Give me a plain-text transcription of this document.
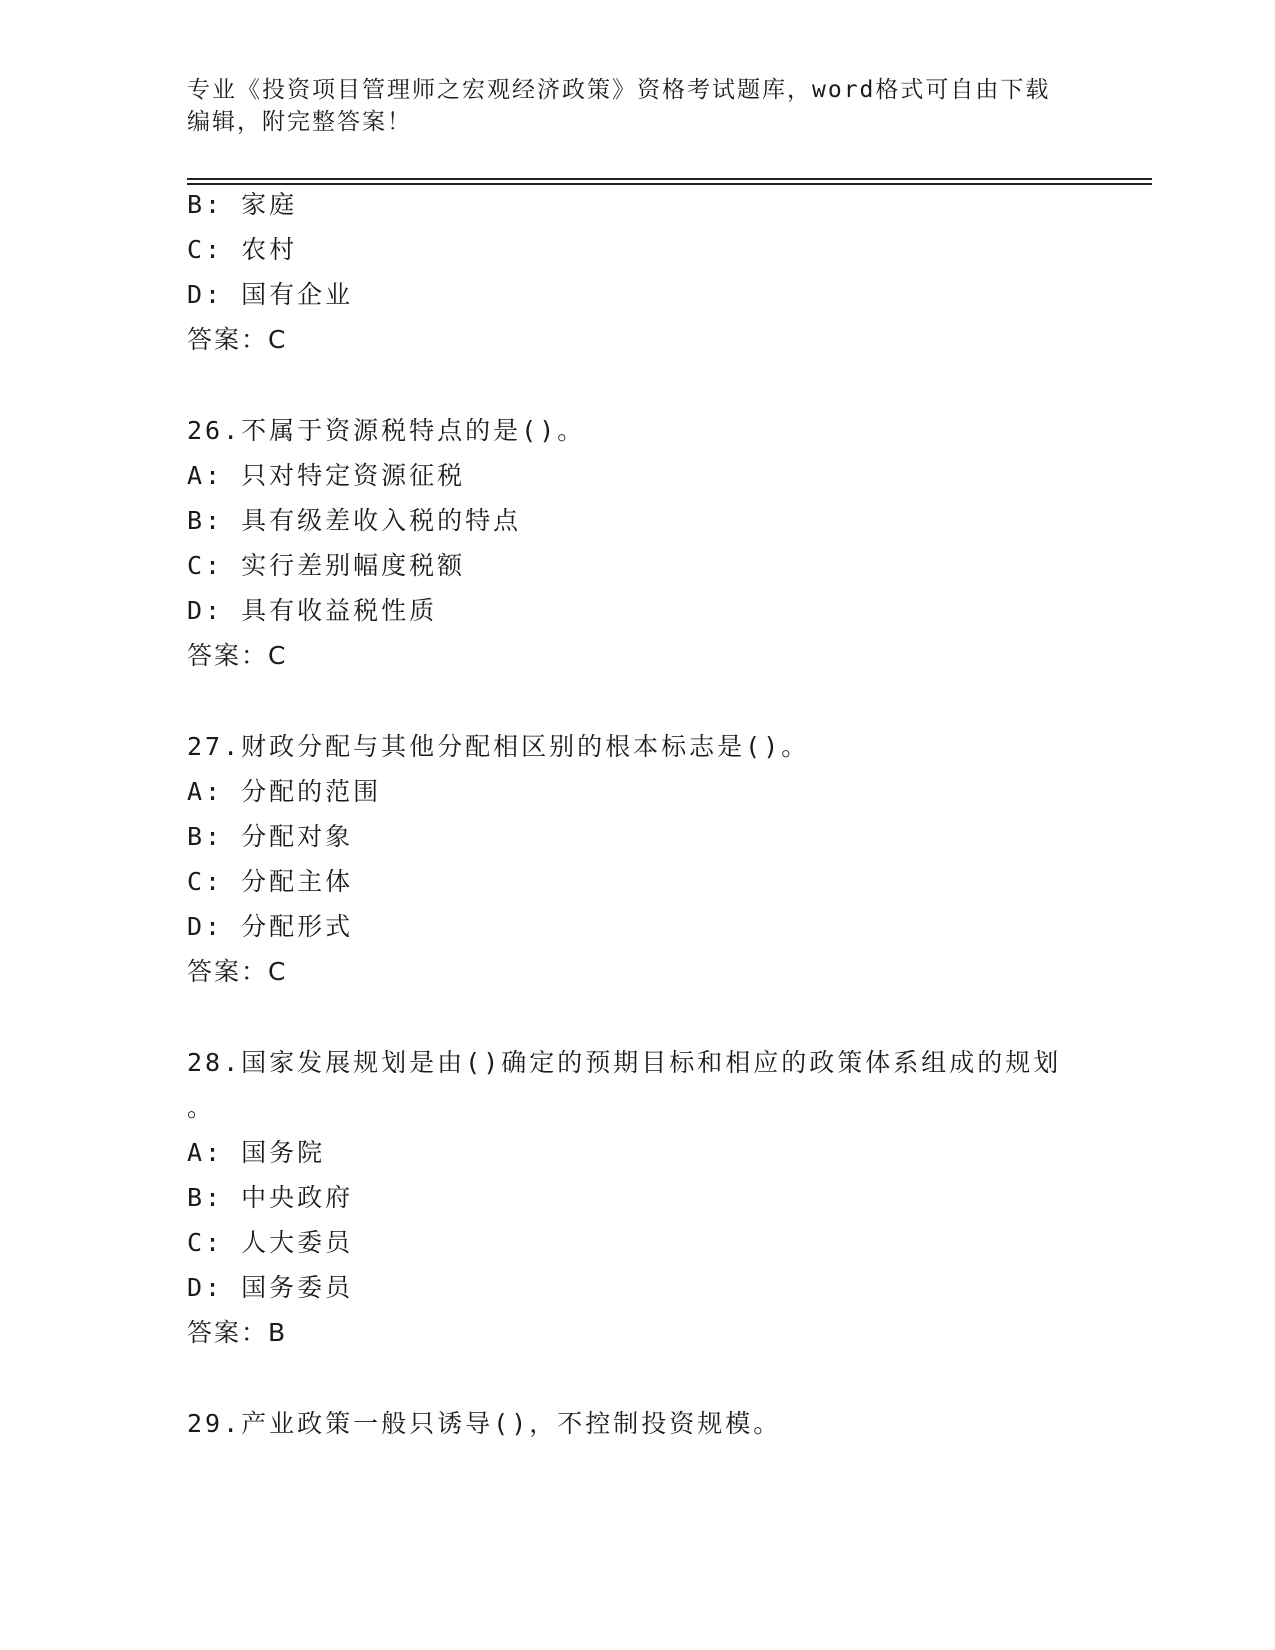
专业《投资项目管理师之宏观经济政策》资格考试题库，word格式可自由下载编辑，附完整答案！
B: 家庭
C: 农村
D: 国有企业
答案：C
26.不属于资源税特点的是()。
A: 只对特定资源征税
B: 具有级差收入税的特点
C: 实行差别幅度税额
D: 具有收益税性质
答案：C
27.财政分配与其他分配相区别的根本标志是()。
A: 分配的范围
B: 分配对象
C: 分配主体
D: 分配形式
答案：C
28.国家发展规划是由()确定的预期目标和相应的政策体系组成的规划
。
A: 国务院
B: 中央政府
C: 人大委员
D: 国务委员
答案：B
29.产业政策一般只诱导()，不控制投资规模。
